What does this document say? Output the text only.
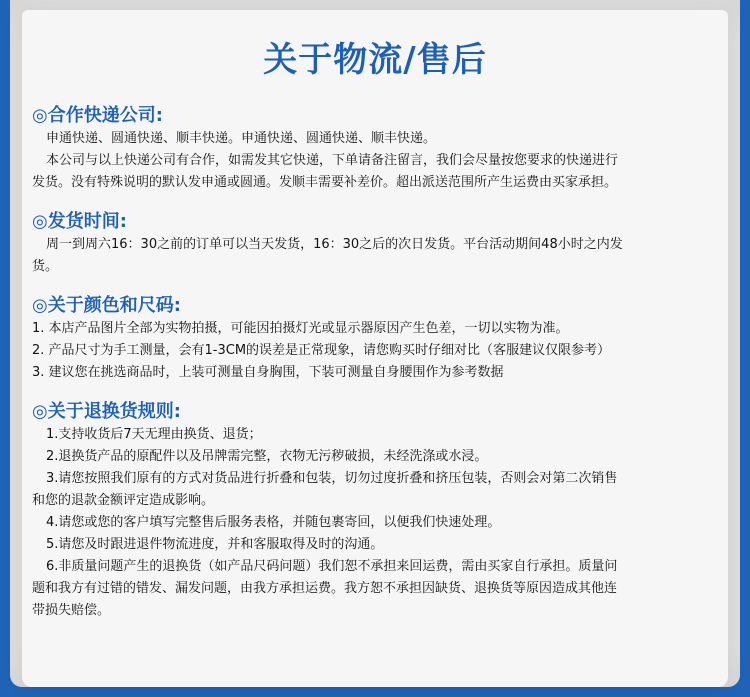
关于物流/售后

◎合作快递公司:

申通快递、圆通快递、顺丰快递。申通快递、圆通快递、顺丰快递。

本公司与以上快递公司有合作，如需发其它快递，下单请备注留言，我们会尽量按您要求的快递进行

发货。没有特殊说明的默认发申通或圆通。发顺丰需要补差价。超出派送范围所产生运费由买家承担。

◎发货时间:

周一到周六16：30之前的订单可以当天发货，16：30之后的次日发货。平台活动期间48小时之内发

货。

◎关于颜色和尺码:

1. 本店产品图片全部为实物拍摄，可能因拍摄灯光或显示器原因产生色差，一切以实物为准。

2. 产品尺寸为手工测量，会有1-3CM的误差是正常现象，请您购买时仔细对比（客服建议仅限参考）

3. 建议您在挑选商品时，上装可测量自身胸围，下装可测量自身腰围作为参考数据

◎关于退换货规则:

1.支持收货后7天无理由换货、退货；

2.退换货产品的原配件以及吊牌需完整，衣物无污秽破损，未经洗涤或水浸。

3.请您按照我们原有的方式对货品进行折叠和包装，切勿过度折叠和挤压包装，否则会对第二次销售

和您的退款金额评定造成影响。

4.请您或您的客户填写完整售后服务表格，并随包裹寄回，以便我们快速处理。

5.请您及时跟进退件物流进度，并和客服取得及时的沟通。

6.非质量问题产生的退换货（如产品尺码问题）我们恕不承担来回运费，需由买家自行承担。质量问

题和我方有过错的错发、漏发问题，由我方承担运费。我方恕不承担因缺货、退换货等原因造成其他连

带损失赔偿。
